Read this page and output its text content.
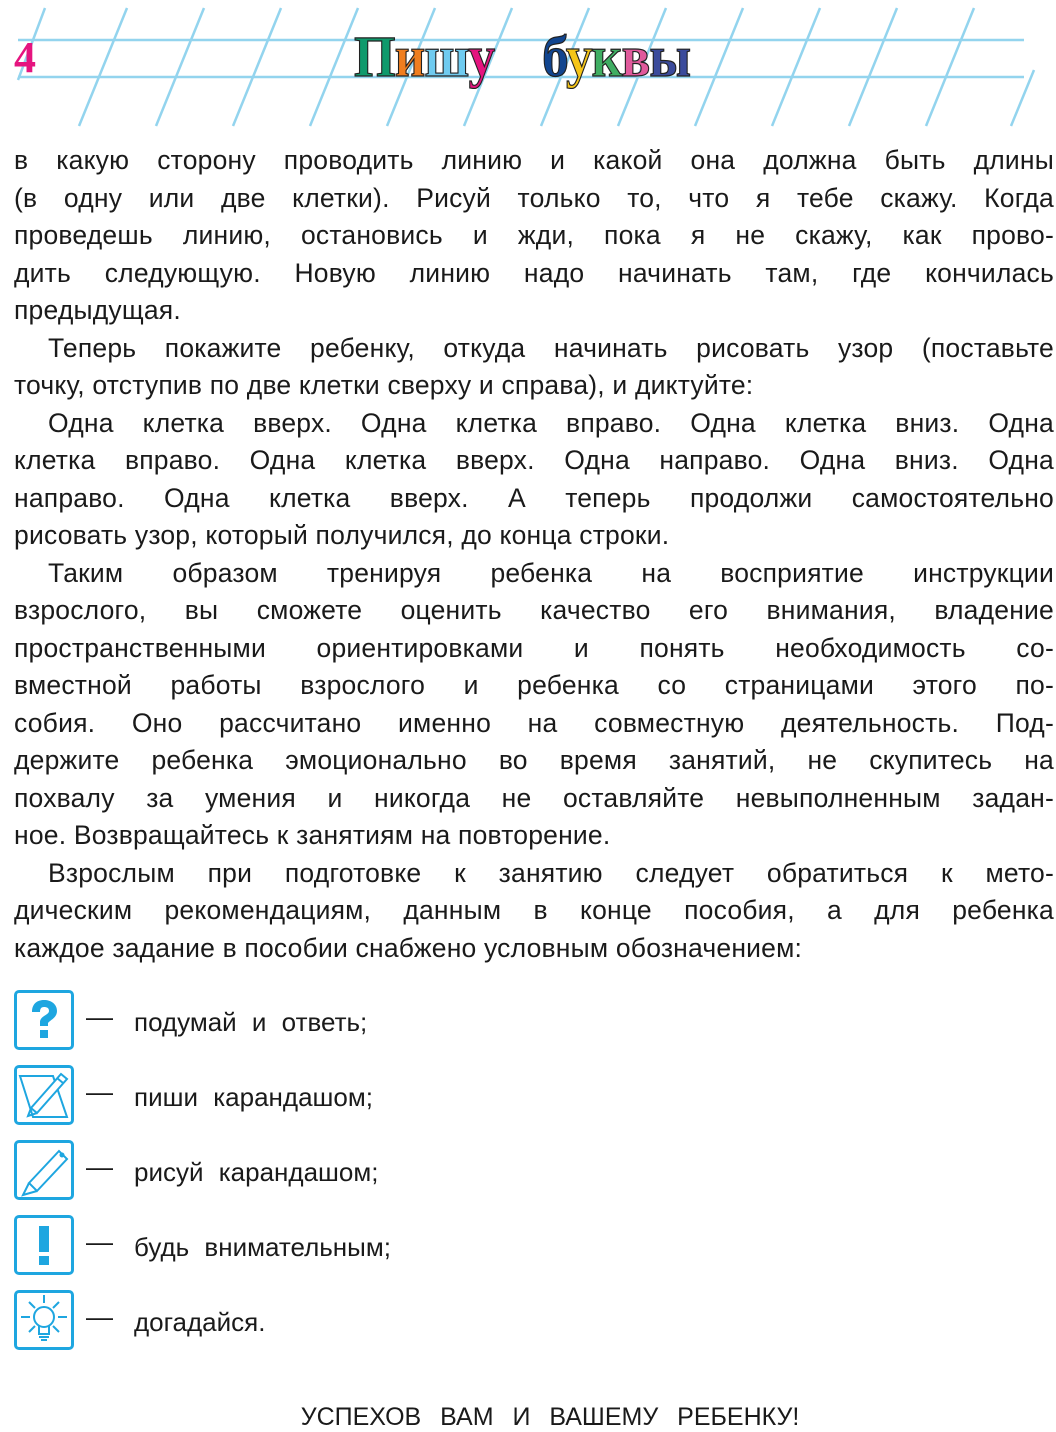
4	Пишу буквы
в какую сторону проводить линию и какой она должна быть длины
(в одну или две клетки). Рисуй только то, что я тебе скажу. Когда
проведешь линию, остановись и жди, пока я не скажу, как прово-
дить следующую. Новую линию надо начинать там, где кончилась
предыдущая.
Теперь покажите ребенку, откуда начинать рисовать узор (поставьте
точку, отступив по две клетки сверху и справа), и диктуйте:
Одна клетка вверх. Одна клетка вправо. Одна клетка вниз. Одна
клетка вправо. Одна клетка вверх. Одна направо. Одна вниз. Одна
направо. Одна клетка вверх. А теперь продолжи самостоятельно
рисовать узор, который получился, до конца строки.
Таким образом тренируя ребенка на восприятие инструкции
взрослого, вы сможете оценить качество его внимания, владение
пространственными ориентировками и понять необходимость со-
вместной работы взрослого и ребенка со страницами этого по-
собия. Оно рассчитано именно на совместную деятельность. Под-
держите ребенка эмоционально во время занятий, не скупитесь на
похвалу за умения и никогда не оставляйте невыполненным задан-
ное. Возвращайтесь к занятиям на повторение.
Взрослым при подготовке к занятию следует обратиться к мето-
дическим рекомендациям, данным в конце пособия, а для ребенка
каждое задание в пособии снабжено условным обозначением:
— подумай и ответь;
— пиши карандашом;
— рисуй карандашом;
— будь внимательным;
— догадайся.
УСПЕХОВ ВАМ И ВАШЕМУ РЕБЕНКУ!
